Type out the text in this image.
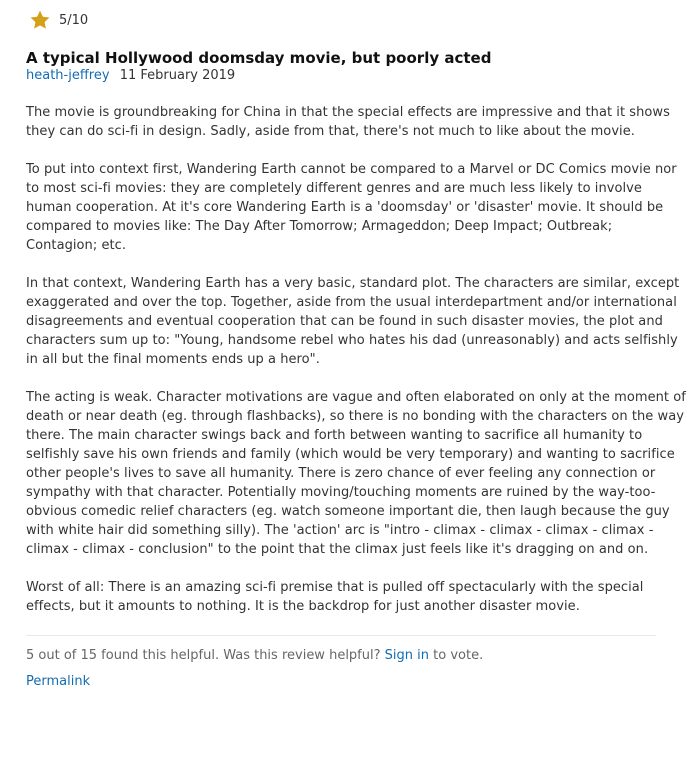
5/10
A typical Hollywood doomsday movie, but poorly acted
heath-jeffrey 11 February 2019

The movie is groundbreaking for China in that the special effects are impressive and that it shows they can do sci-fi in design. Sadly, aside from that, there's not much to like about the movie.

To put into context first, Wandering Earth cannot be compared to a Marvel or DC Comics movie nor to most sci-fi movies: they are completely different genres and are much less likely to involve human cooperation. At it's core Wandering Earth is a 'doomsday' or 'disaster' movie. It should be compared to movies like: The Day After Tomorrow; Armageddon; Deep Impact; Outbreak; Contagion; etc.

In that context, Wandering Earth has a very basic, standard plot. The characters are similar, except exaggerated and over the top. Together, aside from the usual interdepartment and/or international disagreements and eventual cooperation that can be found in such disaster movies, the plot and characters sum up to: "Young, handsome rebel who hates his dad (unreasonably) and acts selfishly in all but the final moments ends up a hero".

The acting is weak. Character motivations are vague and often elaborated on only at the moment of death or near death (eg. through flashbacks), so there is no bonding with the characters on the way there. The main character swings back and forth between wanting to sacrifice all humanity to selfishly save his own friends and family (which would be very temporary) and wanting to sacrifice other people's lives to save all humanity. There is zero chance of ever feeling any connection or sympathy with that character. Potentially moving/touching moments are ruined by the way-too-obvious comedic relief characters (eg. watch someone important die, then laugh because the guy with white hair did something silly). The 'action' arc is "intro - climax - climax - climax - climax - climax - climax - conclusion" to the point that the climax just feels like it's dragging on and on.

Worst of all: There is an amazing sci-fi premise that is pulled off spectacularly with the special effects, but it amounts to nothing. It is the backdrop for just another disaster movie.

5 out of 15 found this helpful. Was this review helpful? Sign in to vote.
Permalink
